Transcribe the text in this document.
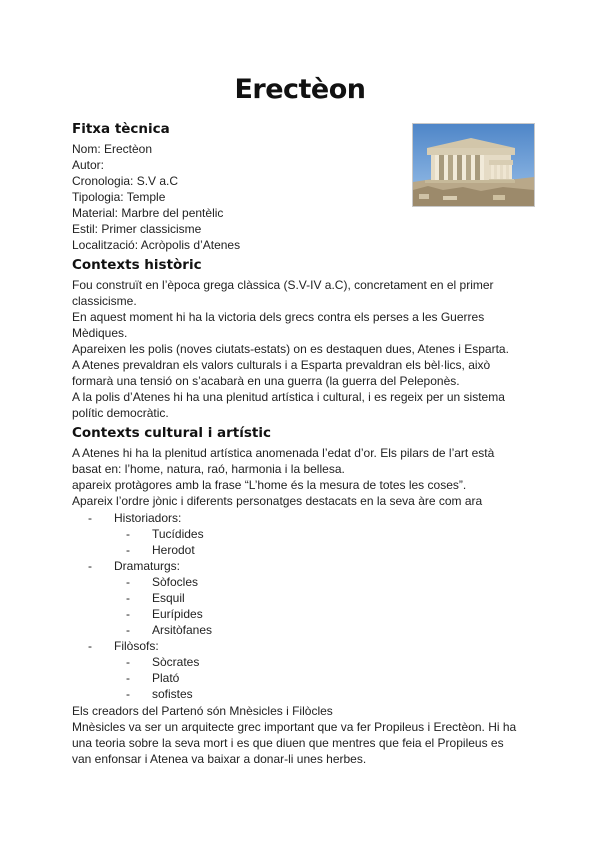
Erectèon
Fitxa tècnica
Nom: Erectèon
Autor:
Cronologia: S.V a.C
Tipologia: Temple
Material: Marbre del pentèlic
Estil: Primer classicisme
Localització: Acròpolis d’Atenes
Contexts històric
Fou construït en l’època grega clàssica (S.V-IV a.C), concretament en el primer
classicisme.
En aquest moment hi ha la victoria dels grecs contra els perses a les Guerres
Mèdiques.
Apareixen les polis (noves ciutats-estats) on es destaquen dues, Atenes i Esparta.
A Atenes prevaldran els valors culturals i a Esparta prevaldran els bèl·lics, això
formarà una tensió on s’acabarà en una guerra (la guerra del Peleponès.
A la polis d’Atenes hi ha una plenitud artística i cultural, i es regeix per un sistema
polític democràtic.
Contexts cultural i artístic
A Atenes hi ha la plenitud artística anomenada l’edat d’or. Els pilars de l’art està
basat en: l’home, natura, raó, harmonia i la bellesa.
apareix protàgores amb la frase “L’home és la mesura de totes les coses”.
Apareix l’ordre jònic i diferents personatges destacats en la seva àre com ara
- Historiadors:
- Tucídides
- Herodot
- Dramaturgs:
- Sòfocles
- Esquil
- Eurípides
- Arsitòfanes
- Filòsofs:
- Sòcrates
- Plató
- sofistes
Els creadors del Partenó són Mnèsicles i Filòcles
Mnèsicles va ser un arquitecte grec important que va fer Propileus i Erectèon. Hi ha
una teoria sobre la seva mort i es que diuen que mentres que feia el Propileus es
van enfonsar i Atenea va baixar a donar-li unes herbes.
